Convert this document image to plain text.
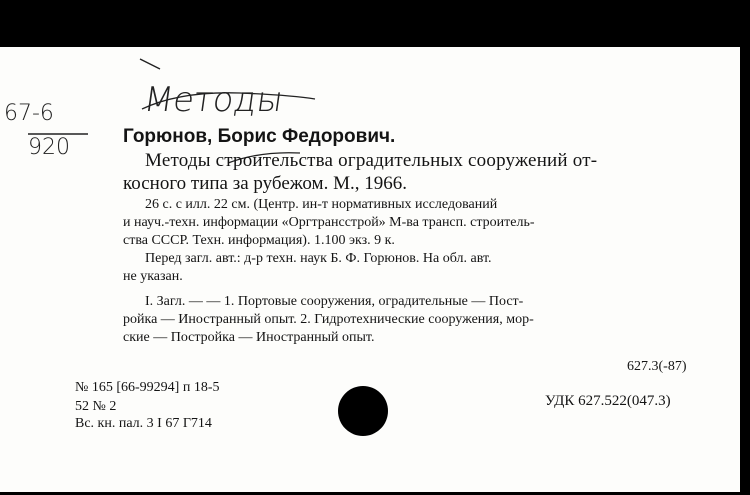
67-6
920
Методы
Горюнов, Борис Федорович.
Методы строительства оградительных сооружений от-
косного типа за рубежом. М., 1966.
26 с. с илл. 22 см. (Центр. ин-т нормативных исследований
и науч.-техн. информации «Оргтрансстрой» М-ва трансп. строитель-
ства СССР. Техн. информация). 1.100 экз. 9 к.
Перед загл. авт.: д-р техн. наук Б. Ф. Горюнов. На обл. авт.
не указан.
I. Загл. — — 1. Портовые сооружения, оградительные — Пост-
ройка — Иностранный опыт. 2. Гидротехнические сооружения, мор-
ские — Постройка — Иностранный опыт.
627.3(-87)
№ 165 [66-99294] п 18-5
52 № 2
Вс. кн. пал. 3 I 67 Г714
УДК 627.522(047.3)
